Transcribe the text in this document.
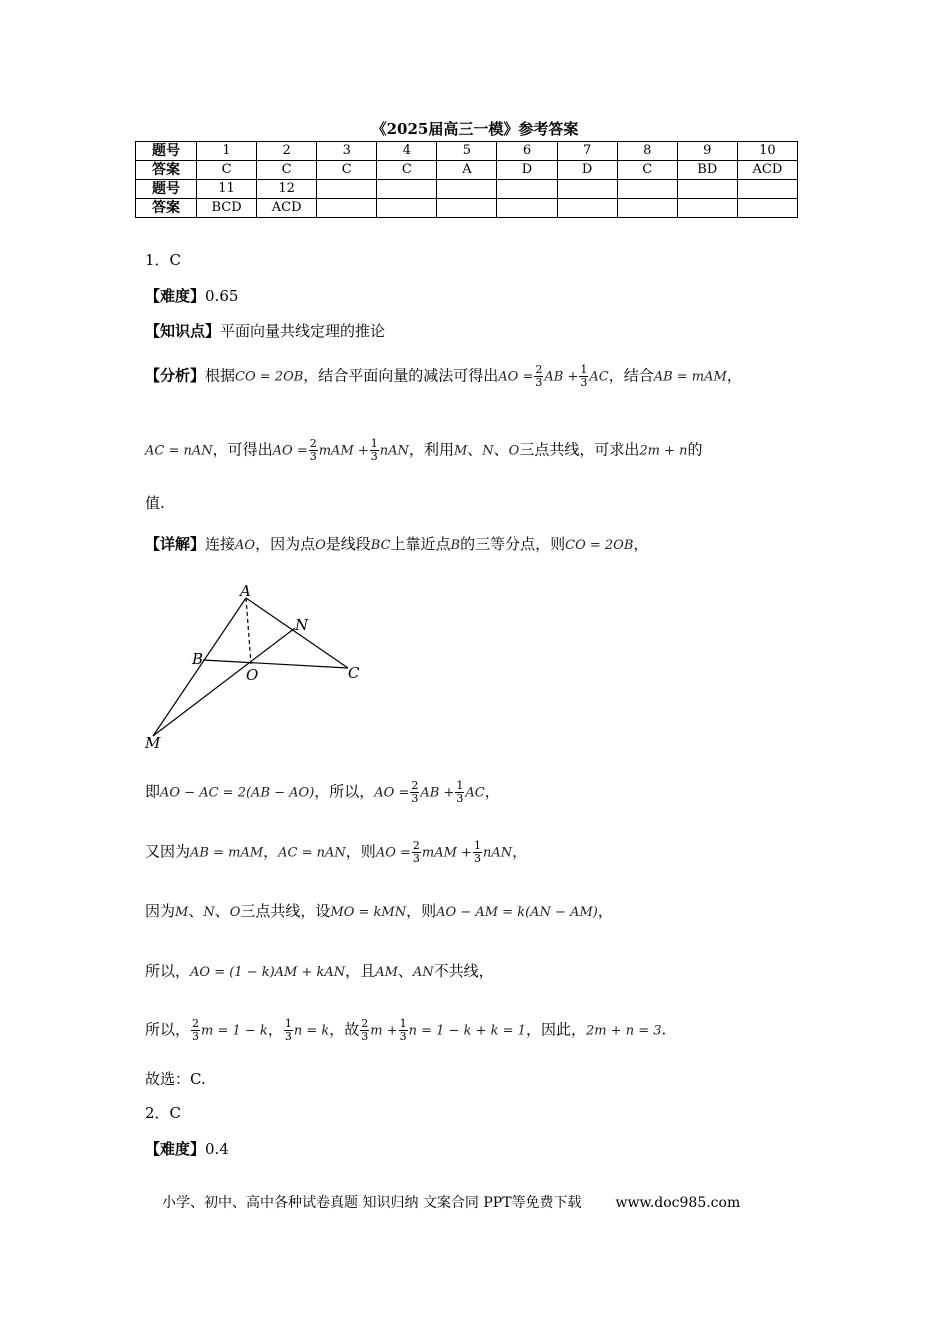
《2025届高三一模》参考答案
题号	1	2	3	4	5	6	7	8	9	10
答案	C	C	C	C	A	D	D	C	BD	ACD
题号	11	12								
答案	BCD	ACD								
1．C
【难度】0.65
【知识点】平面向量共线定理的推论
【分析】根据CO = 2OB，结合平面向量的减法可得出AO = $\frac{2}{3}$ AB + $\frac{1}{3}$ AC，结合AB = mAM，
AC = nAN，可得出AO = $\frac{2}{3}$ mAM + $\frac{1}{3}$ nAN，利用M、N、O三点共线，可求出2m + n的
值.
【详解】连接AO，因为点O是线段BC上靠近点B的三等分点，则CO = 2OB，
A
N
B
O	C
M
即AO − AC = 2(AB − AO)，所以，AO = $\frac{2}{3}$ AB + $\frac{1}{3}$ AC，
又因为AB = mAM，AC = nAN，则AO = $\frac{2}{3}$ mAM + $\frac{1}{3}$ nAN，
因为M、N、O三点共线，设MO = kMN，则AO − AM = k(AN − AM)，
所以，AO = (1 − k)AM + kAN，且AM、AN不共线，
所以， $\frac{2}{3}$ m = 1 − k， $\frac{1}{3}$ n = k，故 $\frac{2}{3}$ $m + \frac{1}{3}$ n = 1 − k + k = 1，因此，2m + n = 3.
故选：C.
2．C
【难度】0.4
小学、初中、高中各种试卷真题 知识归纳 文案合同 PPT等免费下载 www.doc985.com
